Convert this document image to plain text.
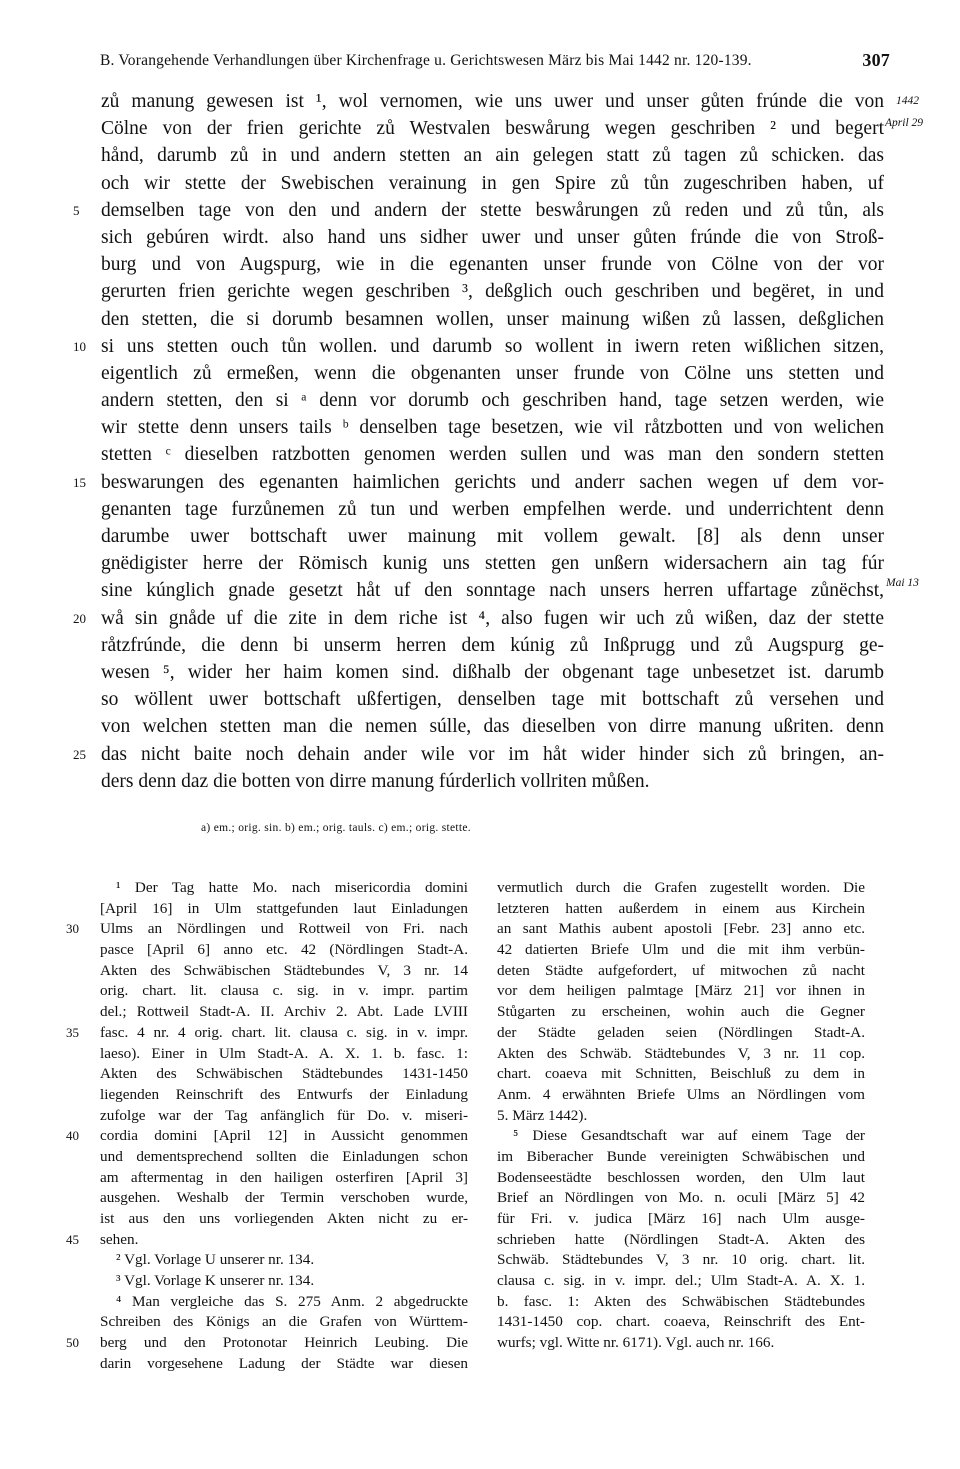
B. Vorangehende Verhandlungen über Kirchenfrage u. Gerichtswesen März bis Mai 1442 nr. 120-139.	307
zů manung gewesen ist ¹, wol vernomen, wie uns uwer und unser gůten frúnde die von
Cölne von der frien gerichte zů Westvalen beswårung wegen geschriben ² und begert
hånd, darumb zů in und andern stetten an ain gelegen statt zů tagen zů schicken. das
och wir stette der Swebischen verainung in gen Spire zů tůn zugeschriben haben, uf
5 demselben tage von den und andern der stette beswårungen zů reden und zů tůn, als
sich gebúren wirdt. also hand uns sidher uwer und unser gůten frúnde die von Stroß-
burg und von Augspurg, wie in die egenanten unser frunde von Cölne von der vor
gerurten frien gerichte wegen geschriben ³, deßglich ouch geschriben und begëret, in und
den stetten, die si dorumb besamnen wollen, unser mainung wißen zů lassen, deßglichen
10 si uns stetten ouch tůn wollen. und darumb so wollent in iwern reten wißlichen sitzen,
eigentlich zů ermeßen, wenn die obgenanten unser frunde von Cölne uns stetten und
andern stetten, den si ᵃ denn vor dorumb och geschriben hand, tage setzen werden, wie
wir stette denn unsers tails ᵇ denselben tage besetzen, wie vil råtzbotten und von welichen
stetten ᶜ dieselben ratzbotten genomen werden sullen und was man den sondern stetten
15 beswarungen des egenanten haimlichen gerichts und anderr sachen wegen uf dem vor-
genanten tage furzůnemen zů tun und werben empfelhen werde. und underrichtent denn
darumbe uwer bottschaft uwer mainung mit vollem gewalt. [8] als denn unser
gnëdigister herre der Römisch kunig uns stetten gen unßern widersachern ain tag fúr
sine kúnglich gnade gesetzt håt uf den sonntage nach unsers herren uffartage zůnëchst,
20 wå sin gnåde uf die zite in dem riche ist ⁴, also fugen wir uch zů wißen, daz der stette
råtzfrúnde, die denn bi unserm herren dem kúnig zů Inßprugg und zů Augspurg ge-
wesen ⁵, wider her haim komen sind. dißhalb der obgenant tage unbesetzet ist. darumb
so wöllent uwer bottschaft ußfertigen, denselben tage mit bottschaft zů versehen und
von welchen stetten man die nemen súlle, das dieselben von dirre manung ußriten. denn
25 das nicht baite noch dehain ander wile vor im håt wider hinder sich zů bringen, an-
ders denn daz die botten von dirre manung fúrderlich vollriten můßen.
1442
April 29
Mai 13
a) em.; orig. sin. b) em.; orig. tauls. c) em.; orig. stette.
¹ Der Tag hatte Mo. nach misericordia domini
[April 16] in Ulm stattgefunden laut Einladungen
30 Ulms an Nördlingen und Rottweil von Fri. nach
pasce [April 6] anno etc. 42 (Nördlingen Stadt-A.
Akten des Schwäbischen Städtebundes V, 3 nr. 14
orig. chart. lit. clausa c. sig. in v. impr. partim
del.; Rottweil Stadt-A. II. Archiv 2. Abt. Lade LVIII
35 fasc. 4 nr. 4 orig. chart. lit. clausa c. sig. in v. impr.
laeso). Einer in Ulm Stadt-A. A. X. 1. b. fasc. 1:
Akten des Schwäbischen Städtebundes 1431-1450
liegenden Reinschrift des Entwurfs der Einladung
zufolge war der Tag anfänglich für Do. v. miseri-
40 cordia domini [April 12] in Aussicht genommen
und dementsprechend sollten die Einladungen schon
am aftermentag in den hailigen osterfiren [April 3]
ausgehen. Weshalb der Termin verschoben wurde,
ist aus den uns vorliegenden Akten nicht zu er-
45 sehen.
² Vgl. Vorlage U unserer nr. 134.
³ Vgl. Vorlage K unserer nr. 134.
⁴ Man vergleiche das S. 275 Anm. 2 abgedruckte
Schreiben des Königs an die Grafen von Württem-
50 berg und den Protonotar Heinrich Leubing. Die
darin vorgesehene Ladung der Städte war diesen
vermutlich durch die Grafen zugestellt worden. Die
letzteren hatten außerdem in einem aus Kirchein
an sant Mathis aubent apostoli [Febr. 23] anno etc.
42 datierten Briefe Ulm und die mit ihm verbün-
deten Städte aufgefordert, uf mitwochen zů nacht
vor dem heiligen palmtage [März 21] vor ihnen in
Stůgarten zu erscheinen, wohin auch die Gegner
der Städte geladen seien (Nördlingen Stadt-A.
Akten des Schwäb. Städtebundes V, 3 nr. 11 cop.
chart. coaeva mit Schnitten, Beischluß zu dem in
Anm. 4 erwähnten Briefe Ulms an Nördlingen vom
5. März 1442).
⁵ Diese Gesandtschaft war auf einem Tage der
im Biberacher Bunde vereinigten Schwäbischen und
Bodenseestädte beschlossen worden, den Ulm laut
Brief an Nördlingen von Mo. n. oculi [März 5] 42
für Fri. v. judica [März 16] nach Ulm ausge-
schrieben hatte (Nördlingen Stadt-A. Akten des
Schwäb. Städtebundes V, 3 nr. 10 orig. chart. lit.
clausa c. sig. in v. impr. del.; Ulm Stadt-A. A. X. 1.
b. fasc. 1: Akten des Schwäbischen Städtebundes
1431-1450 cop. chart. coaeva, Reinschrift des Ent-
wurfs; vgl. Witte nr. 6171). Vgl. auch nr. 166.
